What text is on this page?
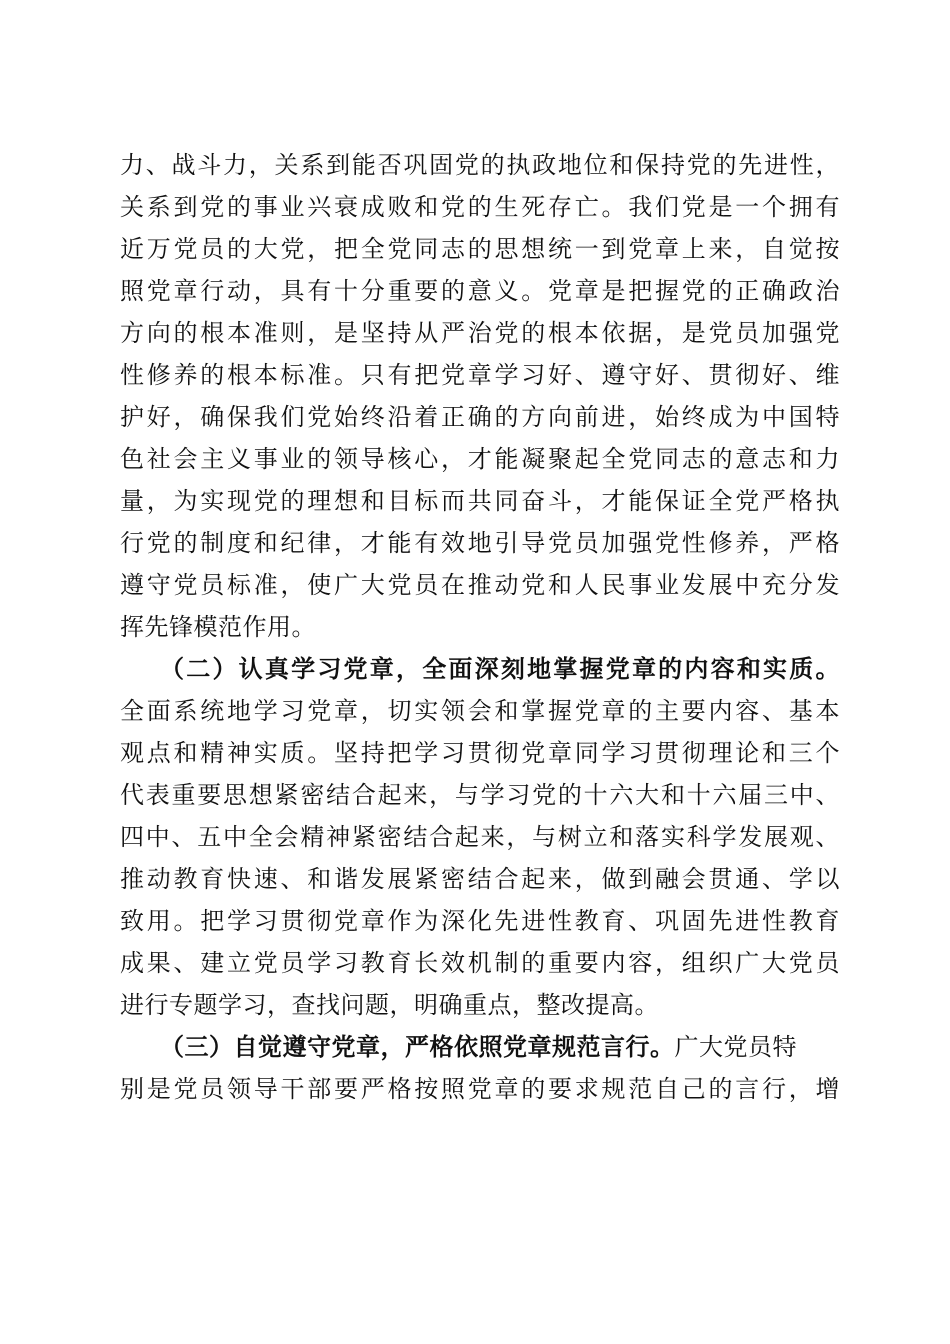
力、战斗力，关系到能否巩固党的执政地位和保持党的先进性，
关系到党的事业兴衰成败和党的生死存亡。我们党是一个拥有
近万党员的大党，把全党同志的思想统一到党章上来，自觉按
照党章行动，具有十分重要的意义。党章是把握党的正确政治
方向的根本准则，是坚持从严治党的根本依据，是党员加强党
性修养的根本标准。只有把党章学习好、遵守好、贯彻好、维
护好，确保我们党始终沿着正确的方向前进，始终成为中国特
色社会主义事业的领导核心，才能凝聚起全党同志的意志和力
量，为实现党的理想和目标而共同奋斗，才能保证全党严格执
行党的制度和纪律，才能有效地引导党员加强党性修养，严格
遵守党员标准，使广大党员在推动党和人民事业发展中充分发
挥先锋模范作用。
（二）认真学习党章，全面深刻地掌握党章的内容和实质。
全面系统地学习党章，切实领会和掌握党章的主要内容、基本
观点和精神实质。坚持把学习贯彻党章同学习贯彻理论和三个
代表重要思想紧密结合起来，与学习党的十六大和十六届三中、
四中、五中全会精神紧密结合起来，与树立和落实科学发展观、
推动教育快速、和谐发展紧密结合起来，做到融会贯通、学以
致用。把学习贯彻党章作为深化先进性教育、巩固先进性教育
成果、建立党员学习教育长效机制的重要内容，组织广大党员
进行专题学习，查找问题，明确重点，整改提高。
（三）自觉遵守党章，严格依照党章规范言行。广大党员特
别是党员领导干部要严格按照党章的要求规范自己的言行，增
